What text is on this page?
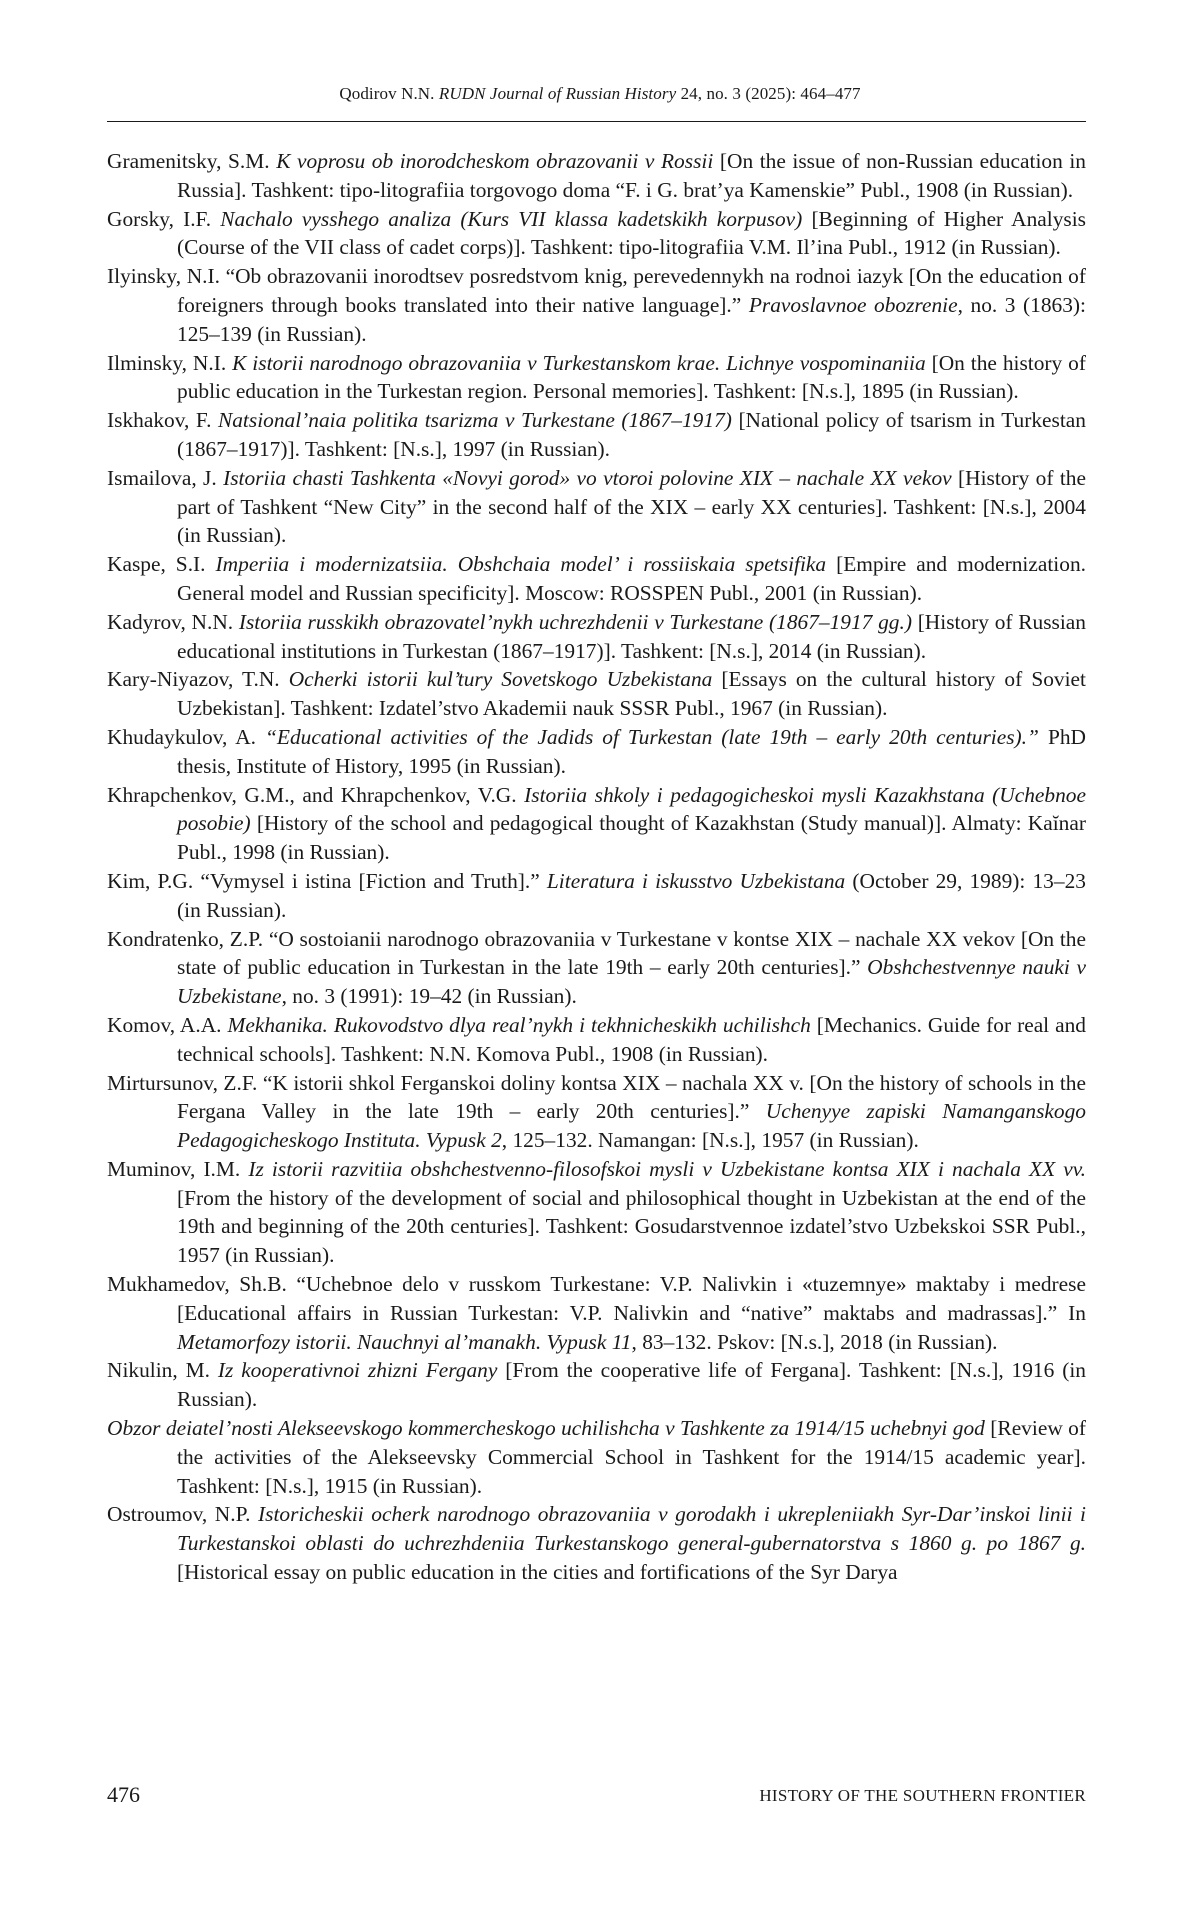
Qodirov N.N. RUDN Journal of Russian History 24, no. 3 (2025): 464–477
Gramenitsky, S.M. K voprosu ob inorodcheskom obrazovanii v Rossii [On the issue of non-Russian education in Russia]. Tashkent: tipo-litografiia torgovogo doma “F. i G. brat’ya Kamenskie” Publ., 1908 (in Russian).
Gorsky, I.F. Nachalo vysshego analiza (Kurs VII klassa kadetskikh korpusov) [Beginning of Higher Analysis (Course of the VII class of cadet corps)]. Tashkent: tipo-litografiia V.M. Il’ina Publ., 1912 (in Russian).
Ilyinsky, N.I. “Ob obrazovanii inorodtsev posredstvom knig, perevedennykh na rodnoi iazyk [On the education of foreigners through books translated into their native language].” Pravoslavnoe obozrenie, no. 3 (1863): 125–139 (in Russian).
Ilminsky, N.I. K istorii narodnogo obrazovaniia v Turkestanskom krae. Lichnye vospominaniia [On the history of public education in the Turkestan region. Personal memories]. Tashkent: [N.s.], 1895 (in Russian).
Iskhakov, F. Natsional’naia politika tsarizma v Turkestane (1867–1917) [National policy of tsarism in Turkestan (1867–1917)]. Tashkent: [N.s.], 1997 (in Russian).
Ismailova, J. Istoriia chasti Tashkenta «Novyi gorod» vo vtoroi polovine XIX – nachale XX vekov [History of the part of Tashkent “New City” in the second half of the XIX – early XX centuries]. Tashkent: [N.s.], 2004 (in Russian).
Kaspe, S.I. Imperiia i modernizatsiia. Obshchaia model’ i rossiiskaia spetsifika [Empire and modernization. General model and Russian specificity]. Moscow: ROSSPEN Publ., 2001 (in Russian).
Kadyrov, N.N. Istoriia russkikh obrazovatel’nykh uchrezhdenii v Turkestane (1867–1917 gg.) [History of Russian educational institutions in Turkestan (1867–1917)]. Tashkent: [N.s.], 2014 (in Russian).
Kary-Niyazov, T.N. Ocherki istorii kul’tury Sovetskogo Uzbekistana [Essays on the cultural history of Soviet Uzbekistan]. Tashkent: Izdatel’stvo Akademii nauk SSSR Publ., 1967 (in Russian).
Khudaykulov, A. “Educational activities of the Jadids of Turkestan (late 19th – early 20th centuries).” PhD thesis, Institute of History, 1995 (in Russian).
Khrapchenkov, G.M., and Khrapchenkov, V.G. Istoriia shkoly i pedagogicheskoi mysli Kazakhstana (Uchebnoe posobie) [History of the school and pedagogical thought of Kazakhstan (Study manual)]. Almaty: Kaĭnar Publ., 1998 (in Russian).
Kim, P.G. “Vymysel i istina [Fiction and Truth].” Literatura i iskusstvo Uzbekistana (October 29, 1989): 13–23 (in Russian).
Kondratenko, Z.P. “O sostoianii narodnogo obrazovaniia v Turkestane v kontse XIX – nachale XX vekov [On the state of public education in Turkestan in the late 19th – early 20th centuries].” Obshchestvennye nauki v Uzbekistane, no. 3 (1991): 19–42 (in Russian).
Komov, A.A. Mekhanika. Rukovodstvo dlya real’nykh i tekhnicheskikh uchilishch [Mechanics. Guide for real and technical schools]. Tashkent: N.N. Komova Publ., 1908 (in Russian).
Mirtursunov, Z.F. “K istorii shkol Ferganskoi doliny kontsa XIX – nachala XX v. [On the history of schools in the Fergana Valley in the late 19th – early 20th centuries].” Uchenyye zapiski Namanganskogo Pedagogicheskogo Instituta. Vypusk 2, 125–132. Namangan: [N.s.], 1957 (in Russian).
Muminov, I.M. Iz istorii razvitiia obshchestvenno-filosofskoi mysli v Uzbekistane kontsa XIX i nachala XX vv. [From the history of the development of social and philosophical thought in Uzbekistan at the end of the 19th and beginning of the 20th centuries]. Tashkent: Gosudarstvennoe izdatel’stvo Uzbekskoi SSR Publ., 1957 (in Russian).
Mukhamedov, Sh.B. “Uchebnoe delo v russkom Turkestane: V.P. Nalivkin i «tuzemnye» maktaby i medrese [Educational affairs in Russian Turkestan: V.P. Nalivkin and “native” maktabs and madrassas].” In Metamorfozy istorii. Nauchnyi al’manakh. Vypusk 11, 83–132. Pskov: [N.s.], 2018 (in Russian).
Nikulin, M. Iz kooperativnoi zhizni Fergany [From the cooperative life of Fergana]. Tashkent: [N.s.], 1916 (in Russian).
Obzor deiatel’nosti Alekseevskogo kommercheskogo uchilishcha v Tashkente za 1914/15 uchebnyi god [Review of the activities of the Alekseevsky Commercial School in Tashkent for the 1914/15 academic year]. Tashkent: [N.s.], 1915 (in Russian).
Ostroumov, N.P. Istoricheskii ocherk narodnogo obrazovaniia v gorodakh i ukrepleniiakh Syr-Dar’inskoi linii i Turkestanskoi oblasti do uchrezhdeniia Turkestanskogo general-gubernatorstva s 1860 g. po 1867 g. [Historical essay on public education in the cities and fortifications of the Syr Darya
476	HISTORY OF THE SOUTHERN FRONTIER
